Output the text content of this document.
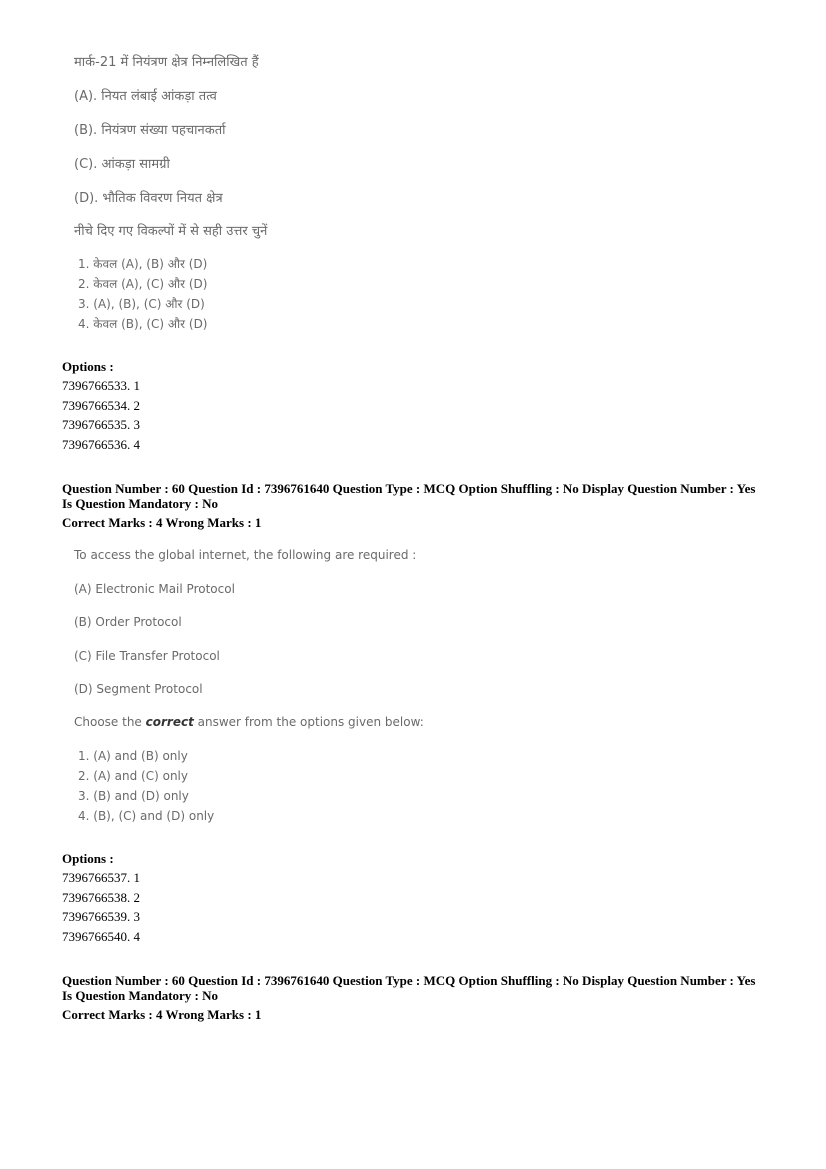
मार्क-21 में नियंत्रण क्षेत्र निम्नलिखित हैं
(A). नियत लंबाई आंकड़ा तत्व
(B). नियंत्रण संख्या पहचानकर्ता
(C). आंकड़ा सामग्री
(D). भौतिक विवरण नियत क्षेत्र
नीचे दिए गए विकल्पों में से सही उत्तर चुनें
1. केवल (A), (B) और (D)
2. केवल (A), (C) और (D)
3. (A), (B), (C) और (D)
4. केवल (B), (C) और (D)
Options :
7396766533. 1
7396766534. 2
7396766535. 3
7396766536. 4
Question Number : 60 Question Id : 7396761640 Question Type : MCQ Option Shuffling : No Display Question Number : Yes
Is Question Mandatory : No
Correct Marks : 4 Wrong Marks : 1
To access the global internet, the following are required :
(A) Electronic Mail Protocol
(B) Order Protocol
(C) File Transfer Protocol
(D) Segment Protocol
Choose the correct answer from the options given below:
1. (A) and (B) only
2. (A) and (C) only
3. (B) and (D) only
4. (B), (C) and (D) only
Options :
7396766537. 1
7396766538. 2
7396766539. 3
7396766540. 4
Question Number : 60 Question Id : 7396761640 Question Type : MCQ Option Shuffling : No Display Question Number : Yes
Is Question Mandatory : No
Correct Marks : 4 Wrong Marks : 1
